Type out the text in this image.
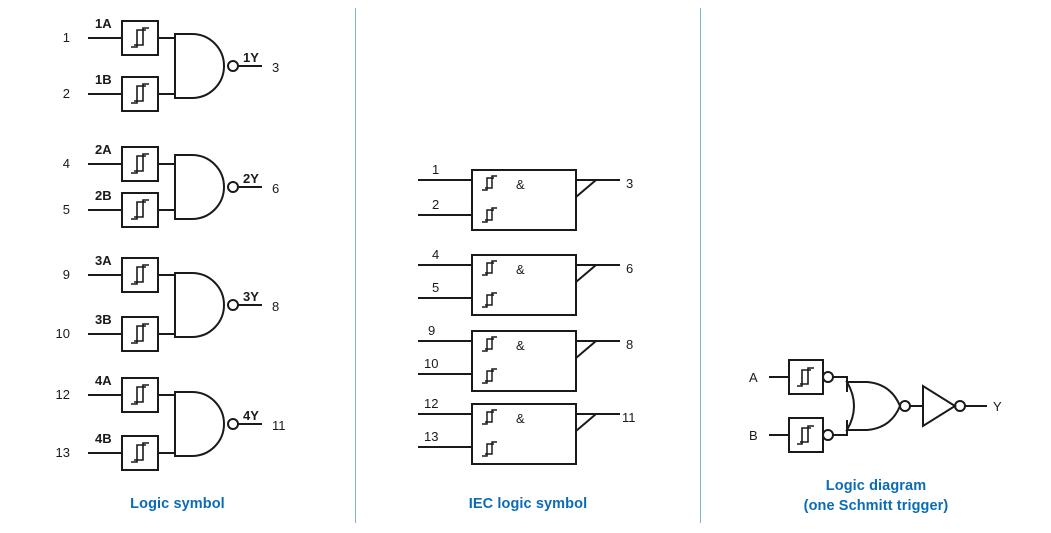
1
1A
2
1B
1Y
3
4
2A
5
2B
2Y
6
9
3A
10
3B
3Y
8
12
4A
13
4B
4Y
11
Logic symbol
1
2
&	3
4
5
&	6
9
10
&	8
12
13
&	11
IEC logic symbol
A
B
Y
Logic diagram
(one Schmitt trigger)
